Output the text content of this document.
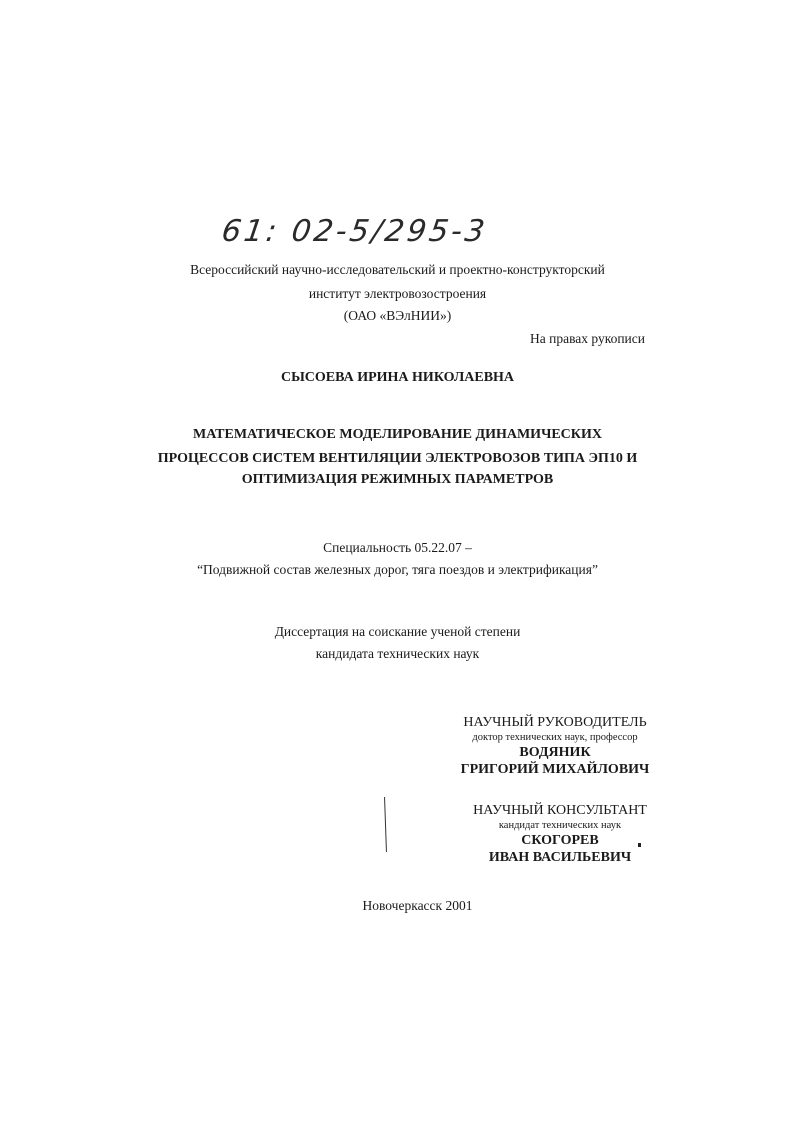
61: 02-5/295-3
Всероссийский научно-исследовательский и проектно-конструкторский
институт электровозостроения
(ОАО «ВЭлНИИ»)
На правах рукописи
СЫСОЕВА ИРИНА НИКОЛАЕВНА
МАТЕМАТИЧЕСКОЕ МОДЕЛИРОВАНИЕ ДИНАМИЧЕСКИХ
ПРОЦЕССОВ СИСТЕМ ВЕНТИЛЯЦИИ ЭЛЕКТРОВОЗОВ ТИПА ЭП10 И
ОПТИМИЗАЦИЯ РЕЖИМНЫХ ПАРАМЕТРОВ
Специальность 05.22.07 –
“Подвижной состав железных дорог, тяга поездов и электрификация”
Диссертация на соискание ученой степени
кандидата технических наук
НАУЧНЫЙ РУКОВОДИТЕЛЬ
доктор технических наук, профессор
ВОДЯНИК
ГРИГОРИЙ МИХАЙЛОВИЧ
НАУЧНЫЙ КОНСУЛЬТАНТ
кандидат технических наук
СКОГОРЕВ
ИВАН ВАСИЛЬЕВИЧ
Новочеркасск 2001
